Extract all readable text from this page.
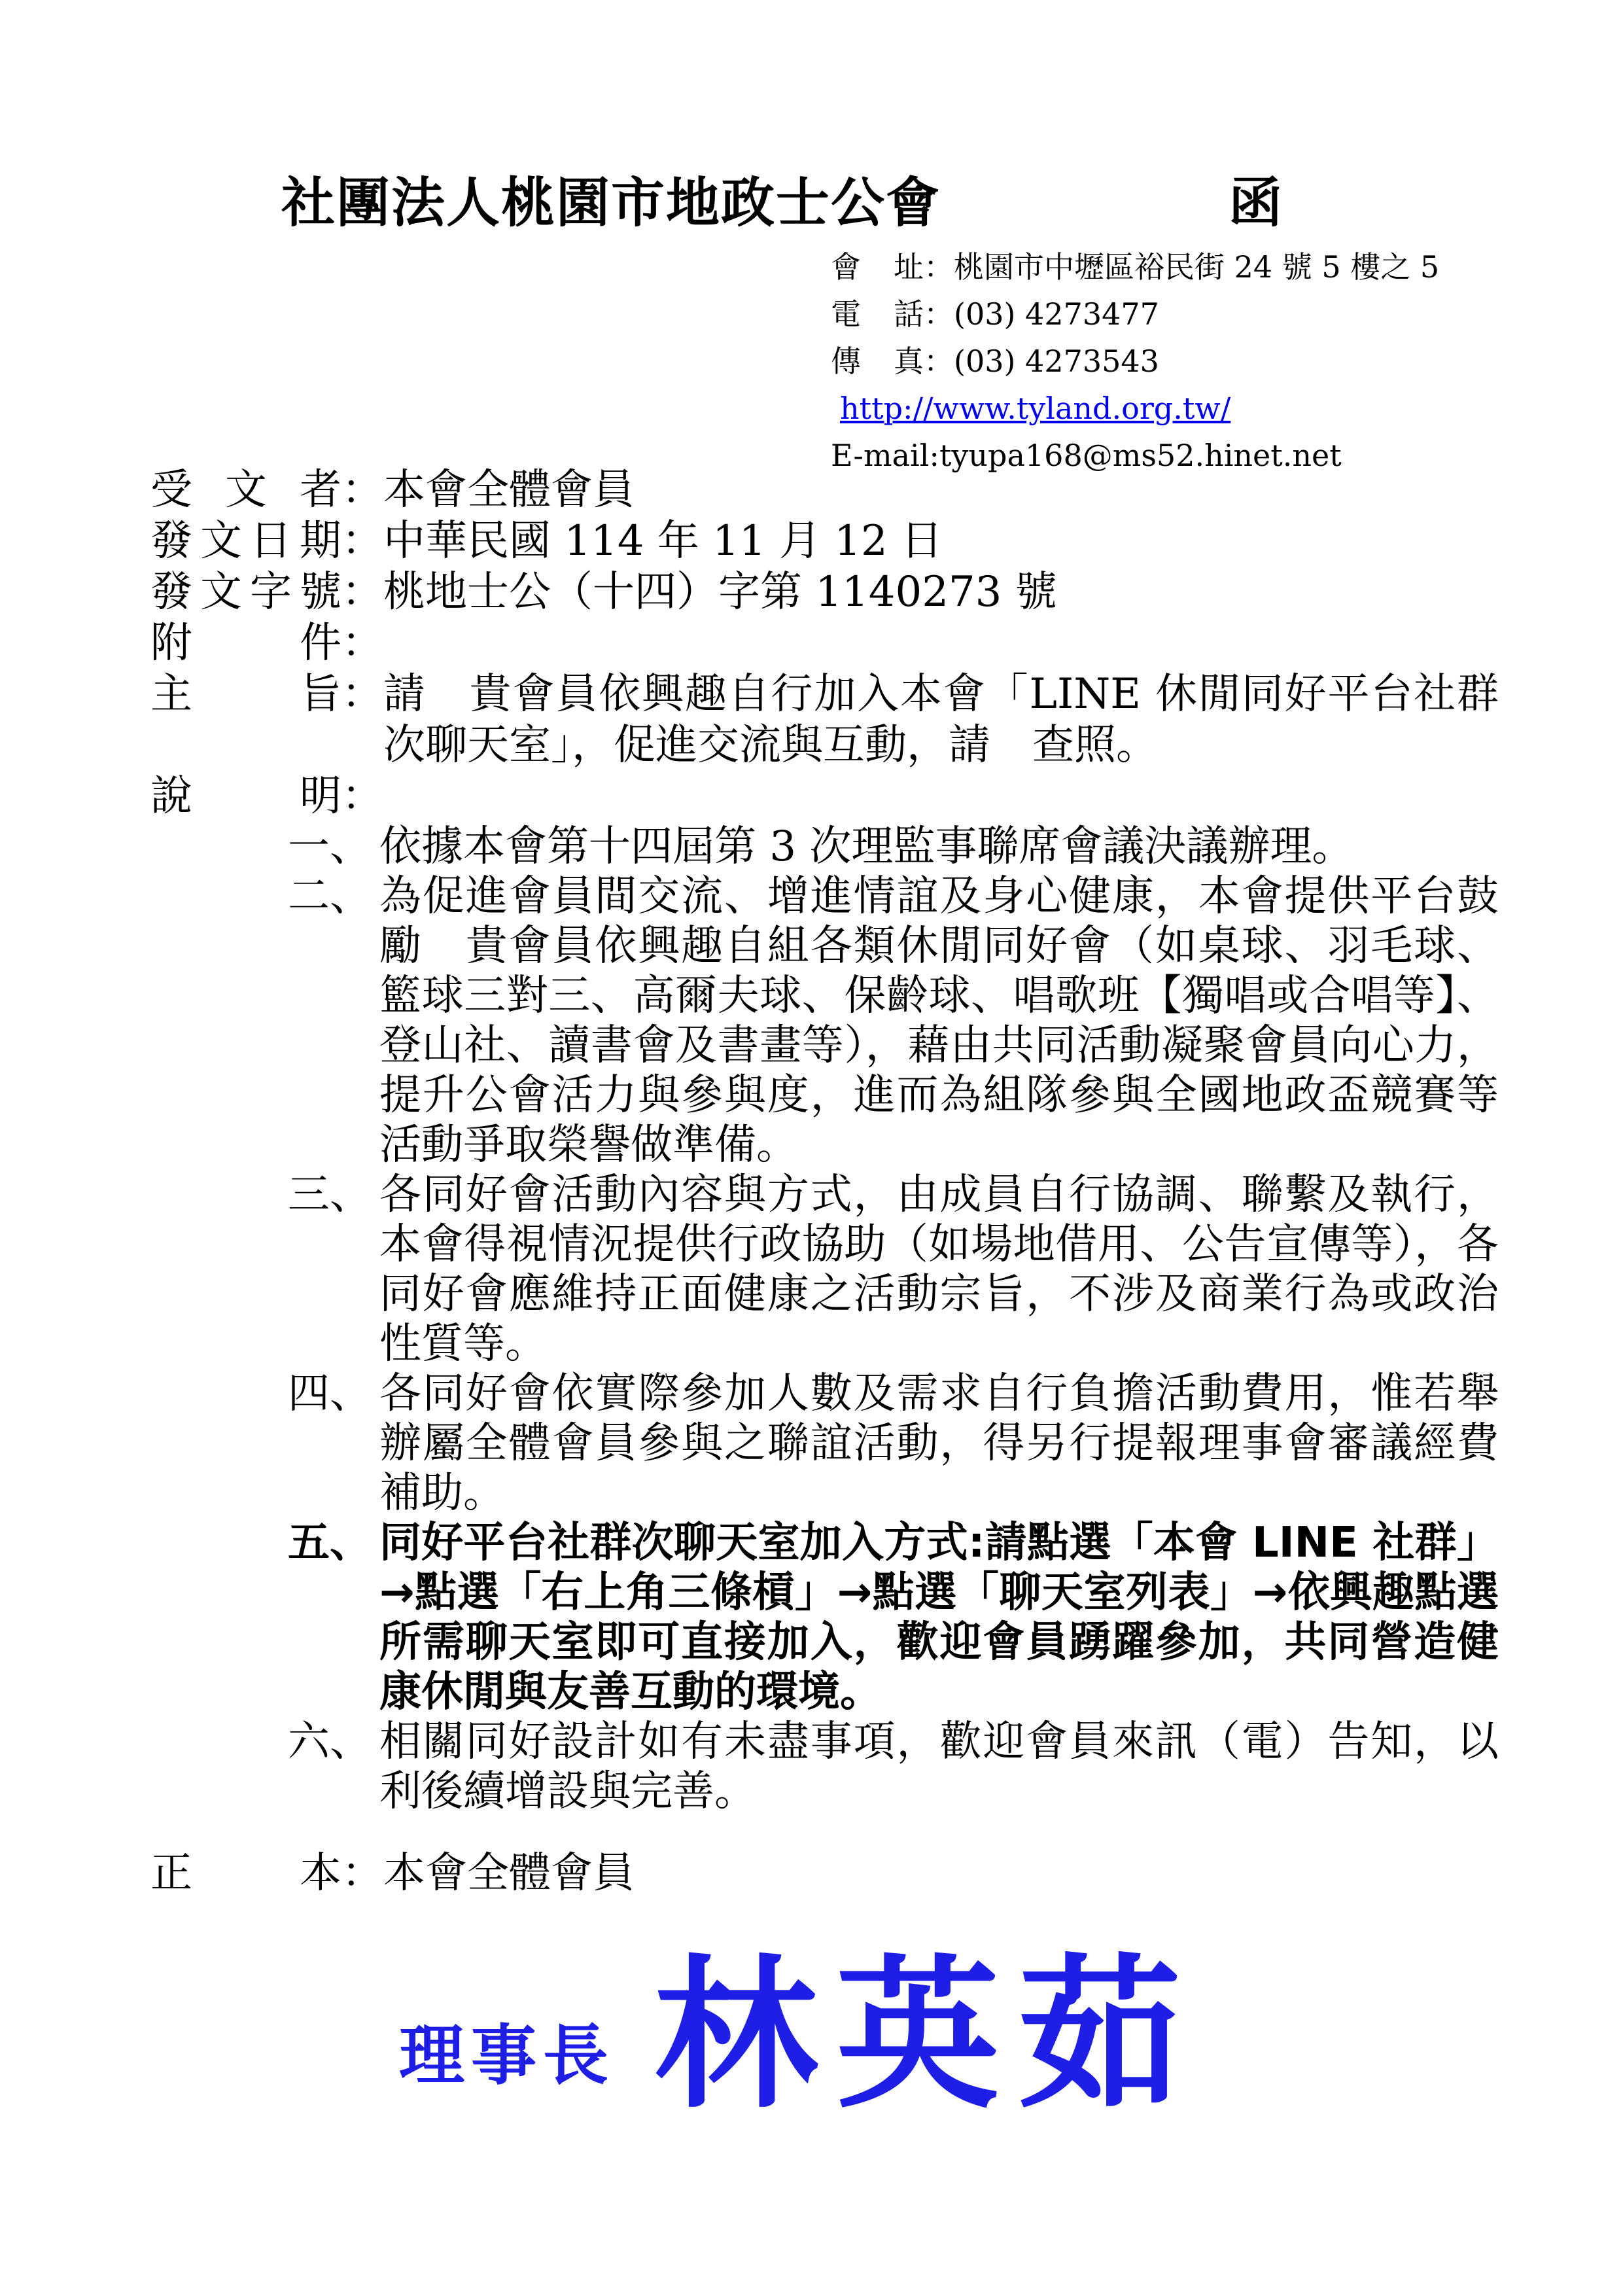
社團法人桃園市地政士公會	函
會址 ： 桃園市中壢區裕民街 24 號 5 樓之 5
電話 ： (03) 4273477
傳真 ： (03) 4273543
http://www.tyland.org.tw/
E-mail:tyupa168@ms52.hinet.net
受文者 ： 本會全體會員
發文日期 ： 中華民國 114 年 11 月 12 日
發文字號 ： 桃地士公（十四）字第 1140273 號
附件 ：
主旨 ： 請　貴會員依興趣自行加入本會「LINE 休閒同好平台社群次聊天室」，促進交流與互動，請　查照。
說明 ：
一、 依據本會第十四屆第 3 次理監事聯席會議決議辦理。
二、 為促進會員間交流、增進情誼及身心健康，本會提供平台鼓勵　貴會員依興趣自組各類休閒同好會（如桌球、羽毛球、籃球三對三、高爾夫球、保齡球、唱歌班【獨唱或合唱等】、登山社、讀書會及書畫等），藉由共同活動凝聚會員向心力，提升公會活力與參與度，進而為組隊參與全國地政盃競賽等活動爭取榮譽做準備。
三、 各同好會活動內容與方式，由成員自行協調、聯繫及執行，本會得視情況提供行政協助（如場地借用、公告宣傳等），各同好會應維持正面健康之活動宗旨，不涉及商業行為或政治性質等。
四、 各同好會依實際參加人數及需求自行負擔活動費用，惟若舉辦屬全體會員參與之聯誼活動，得另行提報理事會審議經費補助。
五、 同好平台社群次聊天室加入方式:請點選「本會 LINE 社群」→點選「右上角三條槓」→點選「聊天室列表」→依興趣點選所需聊天室即可直接加入，歡迎會員踴躍參加，共同營造健康休閒與友善互動的環境。
六、 相關同好設計如有未盡事項，歡迎會員來訊（電）告知，以利後續增設與完善。
正本 ： 本會全體會員
理事長 林英茹
